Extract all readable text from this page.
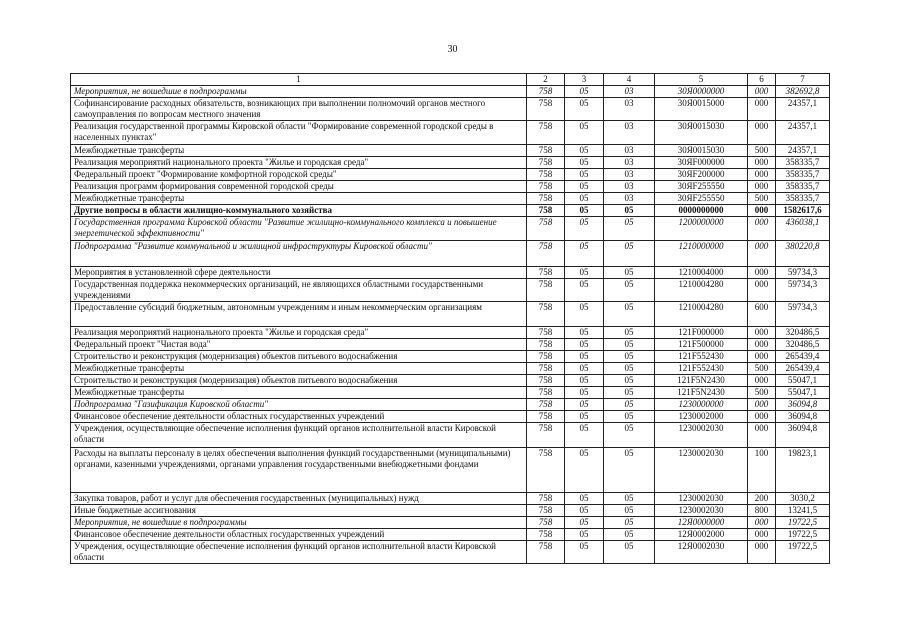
30
1	2	3	4	5	6	7
Мероприятия, не вошедшие в подпрограммы	758	05	03	30Я0000000	000	382692,8
Софинансирование расходных обязательств, возникающих при выполнении полномочий органов местного самоуправления по вопросам местного значения	758	05	03	30Я0015000	000	24357,1
Реализация государственной программы Кировской области "Формирование современной городской среды в населенных пунктах"	758	05	03	30Я0015030	000	24357,1
Межбюджетные трансферты	758	05	03	30Я0015030	500	24357,1
Реализация мероприятий национального проекта "Жилье и городская среда"	758	05	03	30ЯF000000	000	358335,7
Федеральный проект "Формирование комфортной городской среды"	758	05	03	30ЯF200000	000	358335,7
Реализация программ формирования современной городской среды	758	05	03	30ЯF255550	000	358335,7
Межбюджетные трансферты	758	05	03	30ЯF255550	500	358335,7
Другие вопросы в области жилищно-коммунального хозяйства	758	05	05	0000000000	000	1582617,6
Государственная программа Кировской области "Развитие жилищно-коммунального комплекса и повышение энергетической эффективности"	758	05	05	1200000000	000	436038,1
Подпрограмма "Развитие коммунальной и жилищной инфраструктуры Кировской области"	758	05	05	1210000000	000	380220,8
Мероприятия в установленной сфере деятельности	758	05	05	1210004000	000	59734,3
Государственная поддержка некоммерческих организаций, не являющихся областными государственными учреждениями	758	05	05	1210004280	000	59734,3
Предоставление субсидий бюджетным, автономным учреждениям и иным некоммерческим организациям	758	05	05	1210004280	600	59734,3
Реализация мероприятий национального проекта "Жилье и городская среда"	758	05	05	121F000000	000	320486,5
Федеральный проект "Чистая вода"	758	05	05	121F500000	000	320486,5
Строительство и реконструкция (модернизация) объектов питьевого водоснабжения	758	05	05	121F552430	000	265439,4
Межбюджетные трансферты	758	05	05	121F552430	500	265439,4
Строительство и реконструкция (модернизация) объектов питьевого водоснабжения	758	05	05	121F5N2430	000	55047,1
Межбюджетные трансферты	758	05	05	121F5N2430	500	55047,1
Подпрограмма "Газификация Кировской области"	758	05	05	1230000000	000	36094,8
Финансовое обеспечение деятельности областных государственных учреждений	758	05	05	1230002000	000	36094,8
Учреждения, осуществляющие обеспечение исполнения функций органов исполнительной власти Кировской области	758	05	05	1230002030	000	36094,8
Расходы на выплаты персоналу в целях обеспечения выполнения функций государственными (муниципальными) органами, казенными учреждениями, органами управления государственными внебюджетными фондами	758	05	05	1230002030	100	19823,1
Закупка товаров, работ и услуг для обеспечения государственных (муниципальных) нужд	758	05	05	1230002030	200	3030,2
Иные бюджетные ассигнования	758	05	05	1230002030	800	13241,5
Мероприятия, не вошедшие в подпрограммы	758	05	05	12Я0000000	000	19722,5
Финансовое обеспечение деятельности областных государственных учреждений	758	05	05	12Я0002000	000	19722,5
Учреждения, осуществляющие обеспечение исполнения функций органов исполнительной власти Кировской области	758	05	05	12Я0002030	000	19722,5
